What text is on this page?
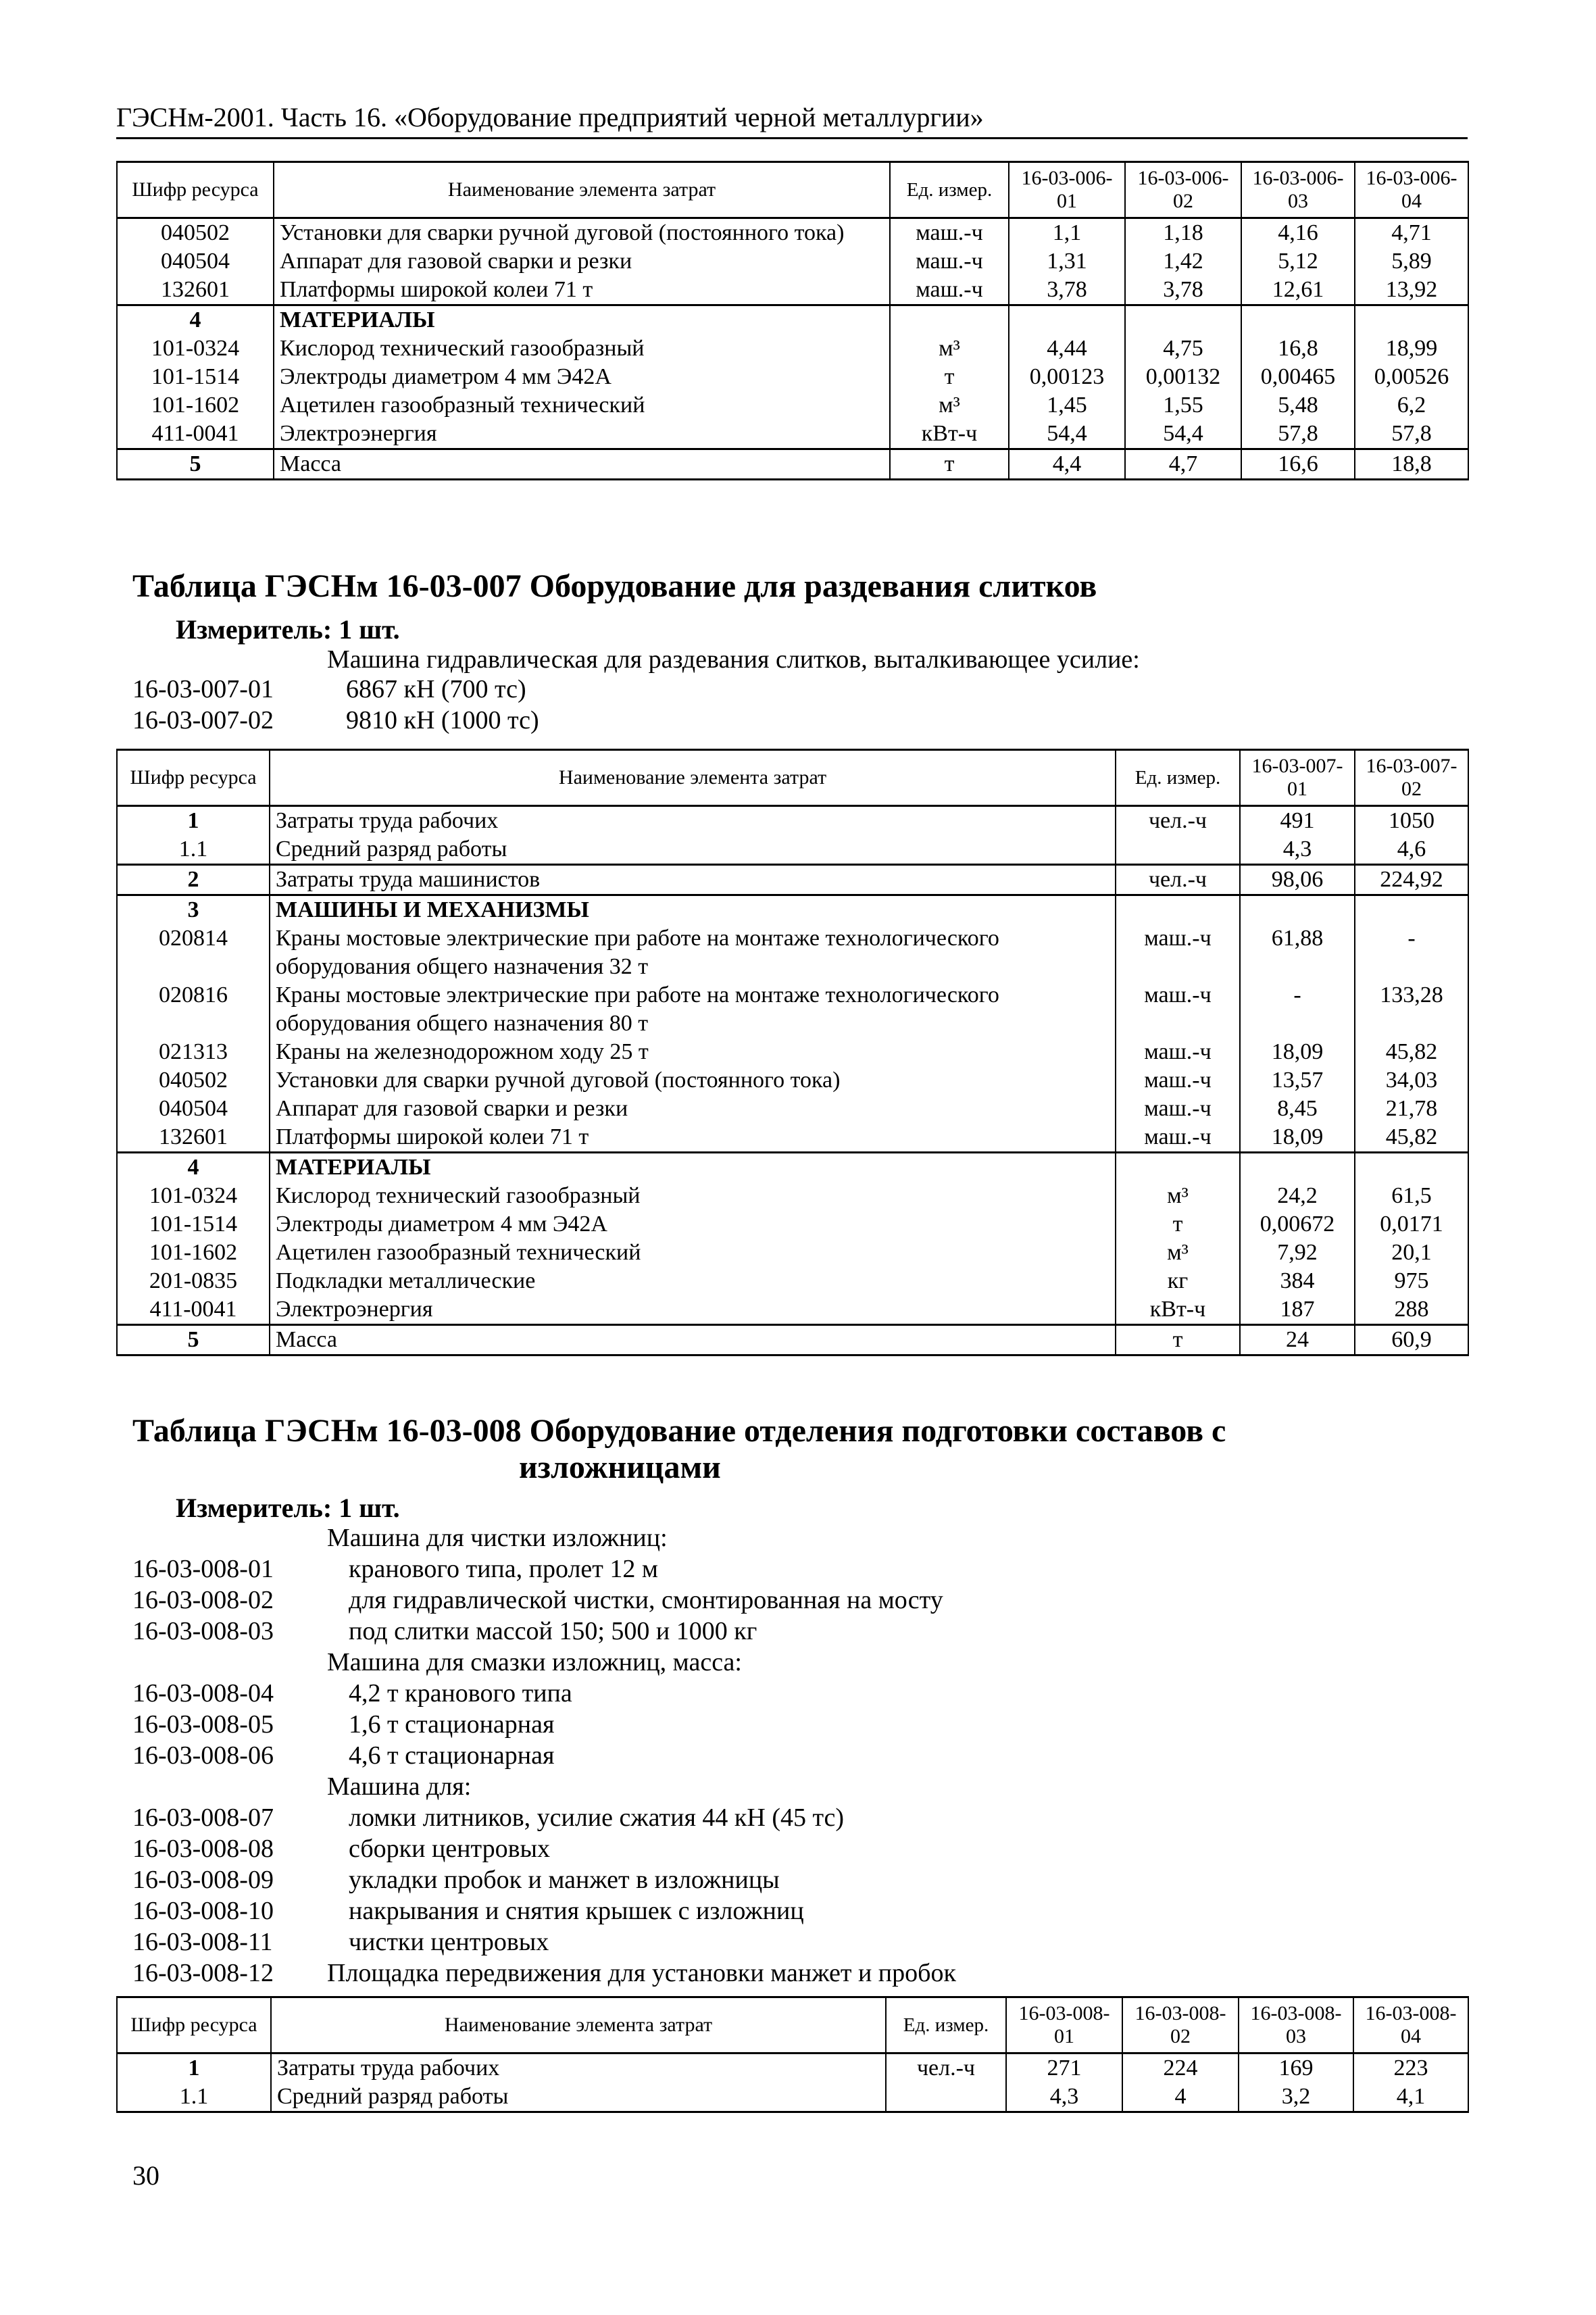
ГЭСНм-2001. Часть 16. «Оборудование предприятий черной металлургии»
Шифр ресурса	Наименование элемента затрат	Ед. измер.	16-03-006-01	16-03-006-02	16-03-006-03	16-03-006-04
040502	Установки для сварки ручной дуговой (постоянного тока)	маш.-ч	1,1	1,18	4,16	4,71
040504	Аппарат для газовой сварки и резки	маш.-ч	1,31	1,42	5,12	5,89
132601	Платформы широкой колеи 71 т	маш.-ч	3,78	3,78	12,61	13,92
4	МАТЕРИАЛЫ					
101-0324	Кислород технический газообразный	м³	4,44	4,75	16,8	18,99
101-1514	Электроды диаметром 4 мм Э42А	т	0,00123	0,00132	0,00465	0,00526
101-1602	Ацетилен газообразный технический	м³	1,45	1,55	5,48	6,2
411-0041	Электроэнергия	кВт-ч	54,4	54,4	57,8	57,8
5	Масса	т	4,4	4,7	16,6	18,8
Таблица ГЭСНм 16-03-007 Оборудование для раздевания слитков
Измеритель: 1 шт.
Машина гидравлическая для раздевания слитков, выталкивающее усилие:
16-03-007-01	6867 кН (700 тс)
16-03-007-02	9810 кН (1000 тс)
Шифр ресурса	Наименование элемента затрат	Ед. измер.	16-03-007-01	16-03-007-02
1	Затраты труда рабочих	чел.-ч	491	1050
1.1	Средний разряд работы		4,3	4,6
2	Затраты труда машинистов	чел.-ч	98,06	224,92
3	МАШИНЫ И МЕХАНИЗМЫ			
020814	Краны мостовые электрические при работе на монтаже технологического оборудования общего назначения 32 т	маш.-ч	61,88	-
020816	Краны мостовые электрические при работе на монтаже технологического оборудования общего назначения 80 т	маш.-ч	-	133,28
021313	Краны на железнодорожном ходу 25 т	маш.-ч	18,09	45,82
040502	Установки для сварки ручной дуговой (постоянного тока)	маш.-ч	13,57	34,03
040504	Аппарат для газовой сварки и резки	маш.-ч	8,45	21,78
132601	Платформы широкой колеи 71 т	маш.-ч	18,09	45,82
4	МАТЕРИАЛЫ			
101-0324	Кислород технический газообразный	м³	24,2	61,5
101-1514	Электроды диаметром 4 мм Э42А	т	0,00672	0,0171
101-1602	Ацетилен газообразный технический	м³	7,92	20,1
201-0835	Подкладки металлические	кг	384	975
411-0041	Электроэнергия	кВт-ч	187	288
5	Масса	т	24	60,9
Таблица ГЭСНм 16-03-008 Оборудование отделения подготовки составов с
изложницами
Измеритель: 1 шт.
Машина для чистки изложниц:
16-03-008-01	кранового типа, пролет 12 м
16-03-008-02	для гидравлической чистки, смонтированная на мосту
16-03-008-03	под слитки массой 150; 500 и 1000 кг
Машина для смазки изложниц, масса:
16-03-008-04	4,2 т кранового типа
16-03-008-05	1,6 т стационарная
16-03-008-06	4,6 т стационарная
Машина для:
16-03-008-07	ломки литников, усилие сжатия 44 кН (45 тс)
16-03-008-08	сборки центровых
16-03-008-09	укладки пробок и манжет в изложницы
16-03-008-10	накрывания и снятия крышек с изложниц
16-03-008-11	чистки центровых
16-03-008-12 Площадка передвижения для установки манжет и пробок
Шифр ресурса	Наименование элемента затрат	Ед. измер.	16-03-008-01	16-03-008-02	16-03-008-03	16-03-008-04
1	Затраты труда рабочих	чел.-ч	271	224	169	223
1.1	Средний разряд работы		4,3	4	3,2	4,1
30
